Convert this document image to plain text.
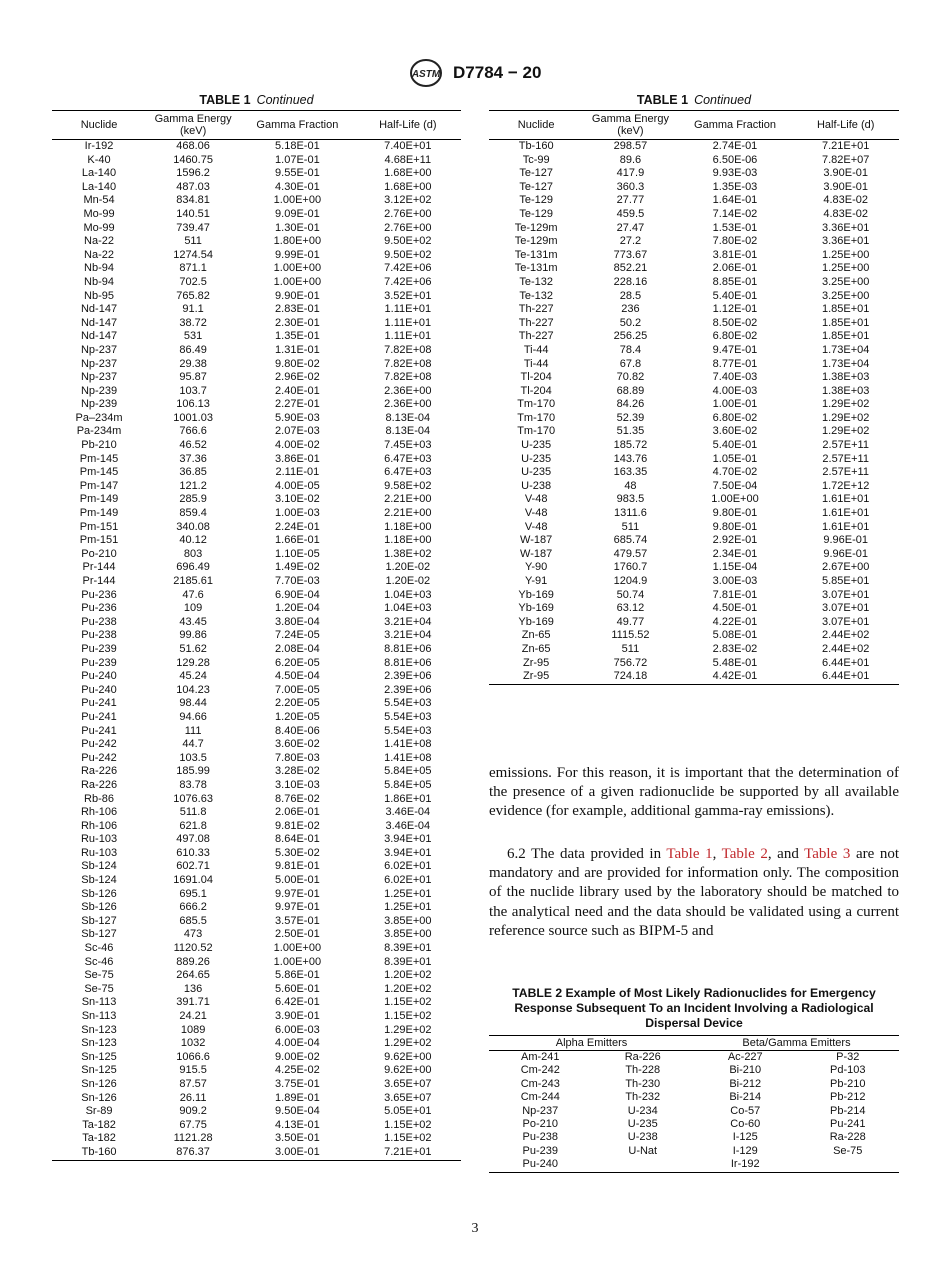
ASTM D7784 − 20
TABLE 1 Continued
Nuclide	Gamma Energy (keV)	Gamma Fraction	Half-Life (d)
Ir-192	468.06	5.18E-01	7.40E+01
K-40	1460.75	1.07E-01	4.68E+11
La-140	1596.2	9.55E-01	1.68E+00
La-140	487.03	4.30E-01	1.68E+00
Mn-54	834.81	1.00E+00	3.12E+02
Mo-99	140.51	9.09E-01	2.76E+00
Mo-99	739.47	1.30E-01	2.76E+00
Na-22	511	1.80E+00	9.50E+02
Na-22	1274.54	9.99E-01	9.50E+02
Nb-94	871.1	1.00E+00	7.42E+06
Nb-94	702.5	1.00E+00	7.42E+06
Nb-95	765.82	9.90E-01	3.52E+01
Nd-147	91.1	2.83E-01	1.11E+01
Nd-147	38.72	2.30E-01	1.11E+01
Nd-147	531	1.35E-01	1.11E+01
Np-237	86.49	1.31E-01	7.82E+08
Np-237	29.38	9.80E-02	7.82E+08
Np-237	95.87	2.96E-02	7.82E+08
Np-239	103.7	2.40E-01	2.36E+00
Np-239	106.13	2.27E-01	2.36E+00
Pa–234m	1001.03	5.90E-03	8.13E-04
Pa-234m	766.6	2.07E-03	8.13E-04
Pb-210	46.52	4.00E-02	7.45E+03
Pm-145	37.36	3.86E-01	6.47E+03
Pm-145	36.85	2.11E-01	6.47E+03
Pm-147	121.2	4.00E-05	9.58E+02
Pm-149	285.9	3.10E-02	2.21E+00
Pm-149	859.4	1.00E-03	2.21E+00
Pm-151	340.08	2.24E-01	1.18E+00
Pm-151	40.12	1.66E-01	1.18E+00
Po-210	803	1.10E-05	1.38E+02
Pr-144	696.49	1.49E-02	1.20E-02
Pr-144	2185.61	7.70E-03	1.20E-02
Pu-236	47.6	6.90E-04	1.04E+03
Pu-236	109	1.20E-04	1.04E+03
Pu-238	43.45	3.80E-04	3.21E+04
Pu-238	99.86	7.24E-05	3.21E+04
Pu-239	51.62	2.08E-04	8.81E+06
Pu-239	129.28	6.20E-05	8.81E+06
Pu-240	45.24	4.50E-04	2.39E+06
Pu-240	104.23	7.00E-05	2.39E+06
Pu-241	98.44	2.20E-05	5.54E+03
Pu-241	94.66	1.20E-05	5.54E+03
Pu-241	111	8.40E-06	5.54E+03
Pu-242	44.7	3.60E-02	1.41E+08
Pu-242	103.5	7.80E-03	1.41E+08
Ra-226	185.99	3.28E-02	5.84E+05
Ra-226	83.78	3.10E-03	5.84E+05
Rb-86	1076.63	8.76E-02	1.86E+01
Rh-106	511.8	2.06E-01	3.46E-04
Rh-106	621.8	9.81E-02	3.46E-04
Ru-103	497.08	8.64E-01	3.94E+01
Ru-103	610.33	5.30E-02	3.94E+01
Sb-124	602.71	9.81E-01	6.02E+01
Sb-124	1691.04	5.00E-01	6.02E+01
Sb-126	695.1	9.97E-01	1.25E+01
Sb-126	666.2	9.97E-01	1.25E+01
Sb-127	685.5	3.57E-01	3.85E+00
Sb-127	473	2.50E-01	3.85E+00
Sc-46	1120.52	1.00E+00	8.39E+01
Sc-46	889.26	1.00E+00	8.39E+01
Se-75	264.65	5.86E-01	1.20E+02
Se-75	136	5.60E-01	1.20E+02
Sn-113	391.71	6.42E-01	1.15E+02
Sn-113	24.21	3.90E-01	1.15E+02
Sn-123	1089	6.00E-03	1.29E+02
Sn-123	1032	4.00E-04	1.29E+02
Sn-125	1066.6	9.00E-02	9.62E+00
Sn-125	915.5	4.25E-02	9.62E+00
Sn-126	87.57	3.75E-01	3.65E+07
Sn-126	26.11	1.89E-01	3.65E+07
Sr-89	909.2	9.50E-04	5.05E+01
Ta-182	67.75	4.13E-01	1.15E+02
Ta-182	1121.28	3.50E-01	1.15E+02
Tb-160	876.37	3.00E-01	7.21E+01
TABLE 1 Continued
Nuclide	Gamma Energy (keV)	Gamma Fraction	Half-Life (d)
Tb-160	298.57	2.74E-01	7.21E+01
Tc-99	89.6	6.50E-06	7.82E+07
Te-127	417.9	9.93E-03	3.90E-01
Te-127	360.3	1.35E-03	3.90E-01
Te-129	27.77	1.64E-01	4.83E-02
Te-129	459.5	7.14E-02	4.83E-02
Te-129m	27.47	1.53E-01	3.36E+01
Te-129m	27.2	7.80E-02	3.36E+01
Te-131m	773.67	3.81E-01	1.25E+00
Te-131m	852.21	2.06E-01	1.25E+00
Te-132	228.16	8.85E-01	3.25E+00
Te-132	28.5	5.40E-01	3.25E+00
Th-227	236	1.12E-01	1.85E+01
Th-227	50.2	8.50E-02	1.85E+01
Th-227	256.25	6.80E-02	1.85E+01
Ti-44	78.4	9.47E-01	1.73E+04
Ti-44	67.8	8.77E-01	1.73E+04
Tl-204	70.82	7.40E-03	1.38E+03
Tl-204	68.89	4.00E-03	1.38E+03
Tm-170	84.26	1.00E-01	1.29E+02
Tm-170	52.39	6.80E-02	1.29E+02
Tm-170	51.35	3.60E-02	1.29E+02
U-235	185.72	5.40E-01	2.57E+11
U-235	143.76	1.05E-01	2.57E+11
U-235	163.35	4.70E-02	2.57E+11
U-238	48	7.50E-04	1.72E+12
V-48	983.5	1.00E+00	1.61E+01
V-48	1311.6	9.80E-01	1.61E+01
V-48	511	9.80E-01	1.61E+01
W-187	685.74	2.92E-01	9.96E-01
W-187	479.57	2.34E-01	9.96E-01
Y-90	1760.7	1.15E-04	2.67E+00
Y-91	1204.9	3.00E-03	5.85E+01
Yb-169	50.74	7.81E-01	3.07E+01
Yb-169	63.12	4.50E-01	3.07E+01
Yb-169	49.77	4.22E-01	3.07E+01
Zn-65	1115.52	5.08E-01	2.44E+02
Zn-65	511	2.83E-02	2.44E+02
Zr-95	756.72	5.48E-01	6.44E+01
Zr-95	724.18	4.42E-01	6.44E+01
emissions. For this reason, it is important that the determination of the presence of a given radionuclide be supported by all available evidence (for example, additional gamma-ray emissions).
6.2 The data provided in Table 1, Table 2, and Table 3 are not mandatory and are provided for information only. The composition of the nuclide library used by the laboratory should be matched to the analytical need and the data should be validated using a current reference source such as BIPM-5 and
TABLE 2 Example of Most Likely Radionuclides for Emergency Response Subsequent To an Incident Involving a Radiological Dispersal Device
Alpha Emitters		Beta/Gamma Emitters	

Am-241	Ra-226	Ac-227	P-32
Cm-242	Th-228	Bi-210	Pd-103
Cm-243	Th-230	Bi-212	Pb-210
Cm-244	Th-232	Bi-214	Pb-212
Np-237	U-234	Co-57	Pb-214
Po-210	U-235	Co-60	Pu-241
Pu-238	U-238	I-125	Ra-228
Pu-239	U-Nat	I-129	Se-75
Pu-240		Ir-192	
3
